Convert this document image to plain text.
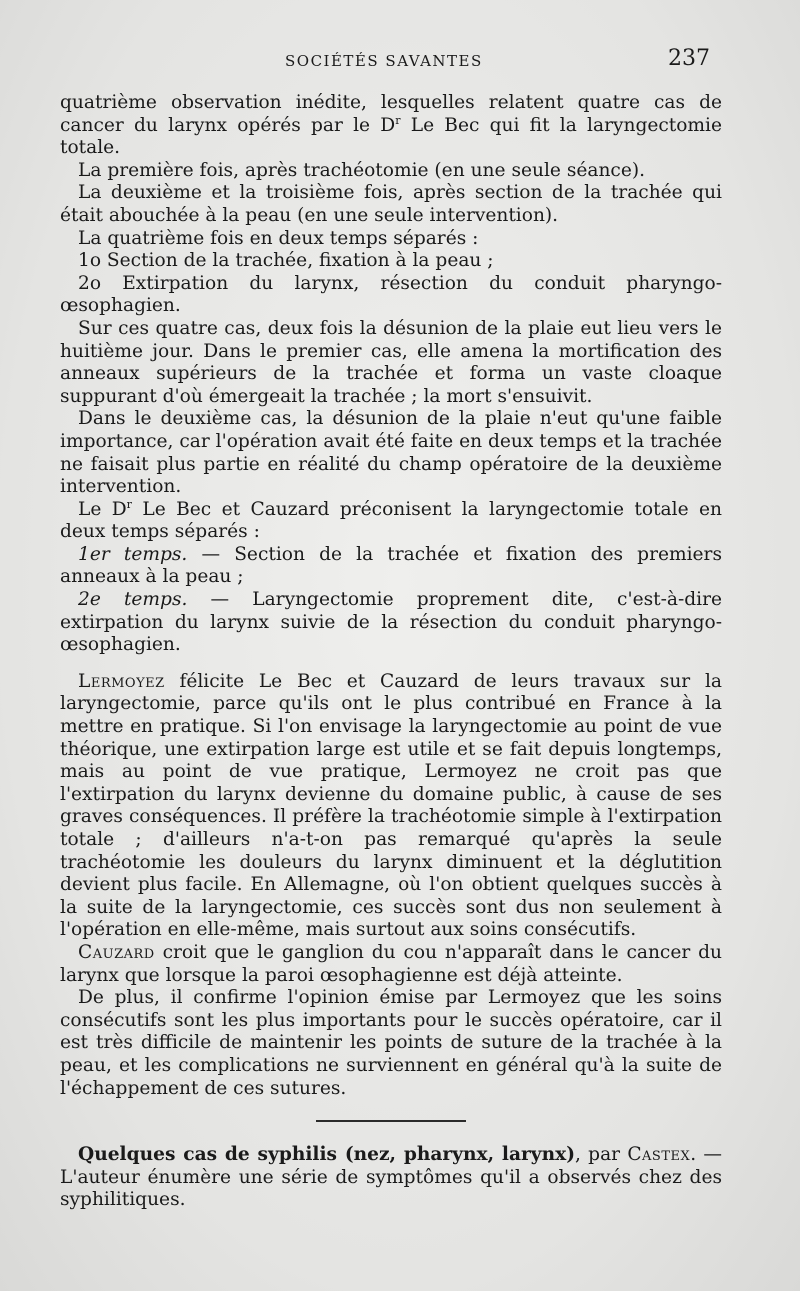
SOCIÉTÉS SAVANTES	237

quatrième observation inédite, lesquelles relatent quatre cas de cancer du larynx opérés par le $D^r$ Le Bec qui fit la laryngectomie totale.

La première fois, après trachéotomie (en une seule séance).

La deuxième et la troisième fois, après section de la trachée qui était abouchée à la peau (en une seule intervention).

La quatrième fois en deux temps séparés :

1o Section de la trachée, fixation à la peau ;

2o Extirpation du larynx, résection du conduit pharyngo-œsophagien.

Sur ces quatre cas, deux fois la désunion de la plaie eut lieu vers le huitième jour. Dans le premier cas, elle amena la mortification des anneaux supérieurs de la trachée et forma un vaste cloaque suppurant d'où émergeait la trachée ; la mort s'ensuivit.

Dans le deuxième cas, la désunion de la plaie n'eut qu'une faible importance, car l'opération avait été faite en deux temps et la trachée ne faisait plus partie en réalité du champ opératoire de la deuxième intervention.

Le $D^r$ Le Bec et Cauzard préconisent la laryngectomie totale en deux temps séparés :

1er temps. — Section de la trachée et fixation des premiers anneaux à la peau ;

2e temps. — Laryngectomie proprement dite, c'est-à-dire extirpation du larynx suivie de la résection du conduit pharyngo-œsophagien.

Lermoyez félicite Le Bec et Cauzard de leurs travaux sur la laryngectomie, parce qu'ils ont le plus contribué en France à la mettre en pratique. Si l'on envisage la laryngectomie au point de vue théorique, une extirpation large est utile et se fait depuis longtemps, mais au point de vue pratique, Lermoyez ne croit pas que l'extirpation du larynx devienne du domaine public, à cause de ses graves conséquences. Il préfère la trachéotomie simple à l'extirpation totale ; d'ailleurs n'a-t-on pas remarqué qu'après la seule trachéotomie les douleurs du larynx diminuent et la déglutition devient plus facile. En Allemagne, où l'on obtient quelques succès à la suite de la laryngectomie, ces succès sont dus non seulement à l'opération en elle-même, mais surtout aux soins consécutifs.

Cauzard croit que le ganglion du cou n'apparaît dans le cancer du larynx que lorsque la paroi œsophagienne est déjà atteinte.

De plus, il confirme l'opinion émise par Lermoyez que les soins consécutifs sont les plus importants pour le succès opératoire, car il est très difficile de maintenir les points de suture de la trachée à la peau, et les complications ne surviennent en général qu'à la suite de l'échappement de ces sutures.

Quelques cas de syphilis (nez, pharynx, larynx), par Castex. — L'auteur énumère une série de symptômes qu'il a observés chez des syphilitiques.
